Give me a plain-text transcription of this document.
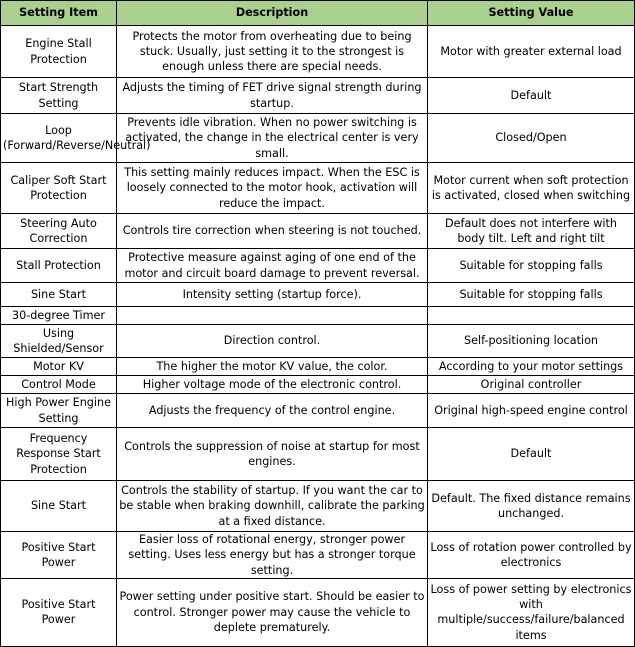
Setting Item	Description	Setting Value
Engine Stall Protection	Protects the motor from overheating due to being stuck. Usually, just setting it to the strongest is enough unless there are special needs.	Motor with greater external load
Start Strength Setting	Adjusts the timing of FET drive signal strength during startup.	Default
Loop (Forward/Reverse/Neutral)	Prevents idle vibration. When no power switching is activated, the change in the electrical center is very small.	Closed/Open
Caliper Soft Start Protection	This setting mainly reduces impact. When the ESC is loosely connected to the motor hook, activation will reduce the impact.	Motor current when soft protection is activated, closed when switching
Steering Auto Correction	Controls tire correction when steering is not touched.	Default does not interfere with body tilt. Left and right tilt
Stall Protection	Protective measure against aging of one end of the motor and circuit board damage to prevent reversal.	Suitable for stopping falls
Sine Start	Intensity setting (startup force).	Suitable for stopping falls
30-degree Timer		
Using Shielded/Sensor	Direction control.	Self-positioning location
Motor KV	The higher the motor KV value, the color.	According to your motor settings
Control Mode	Higher voltage mode of the electronic control.	Original controller
High Power Engine Setting	Adjusts the frequency of the control engine.	Original high-speed engine control
Frequency Response Start Protection	Controls the suppression of noise at startup for most engines.	Default
Sine Start	Controls the stability of startup. If you want the car to be stable when braking downhill, calibrate the parking at a fixed distance.	Default. The fixed distance remains unchanged.
Positive Start Power	Easier loss of rotational energy, stronger power setting. Uses less energy but has a stronger torque setting.	Loss of rotation power controlled by electronics
Positive Start Power	Power setting under positive start. Should be easier to control. Stronger power may cause the vehicle to deplete prematurely.	Loss of power setting by electronics with multiple/success/failure/balanced items
